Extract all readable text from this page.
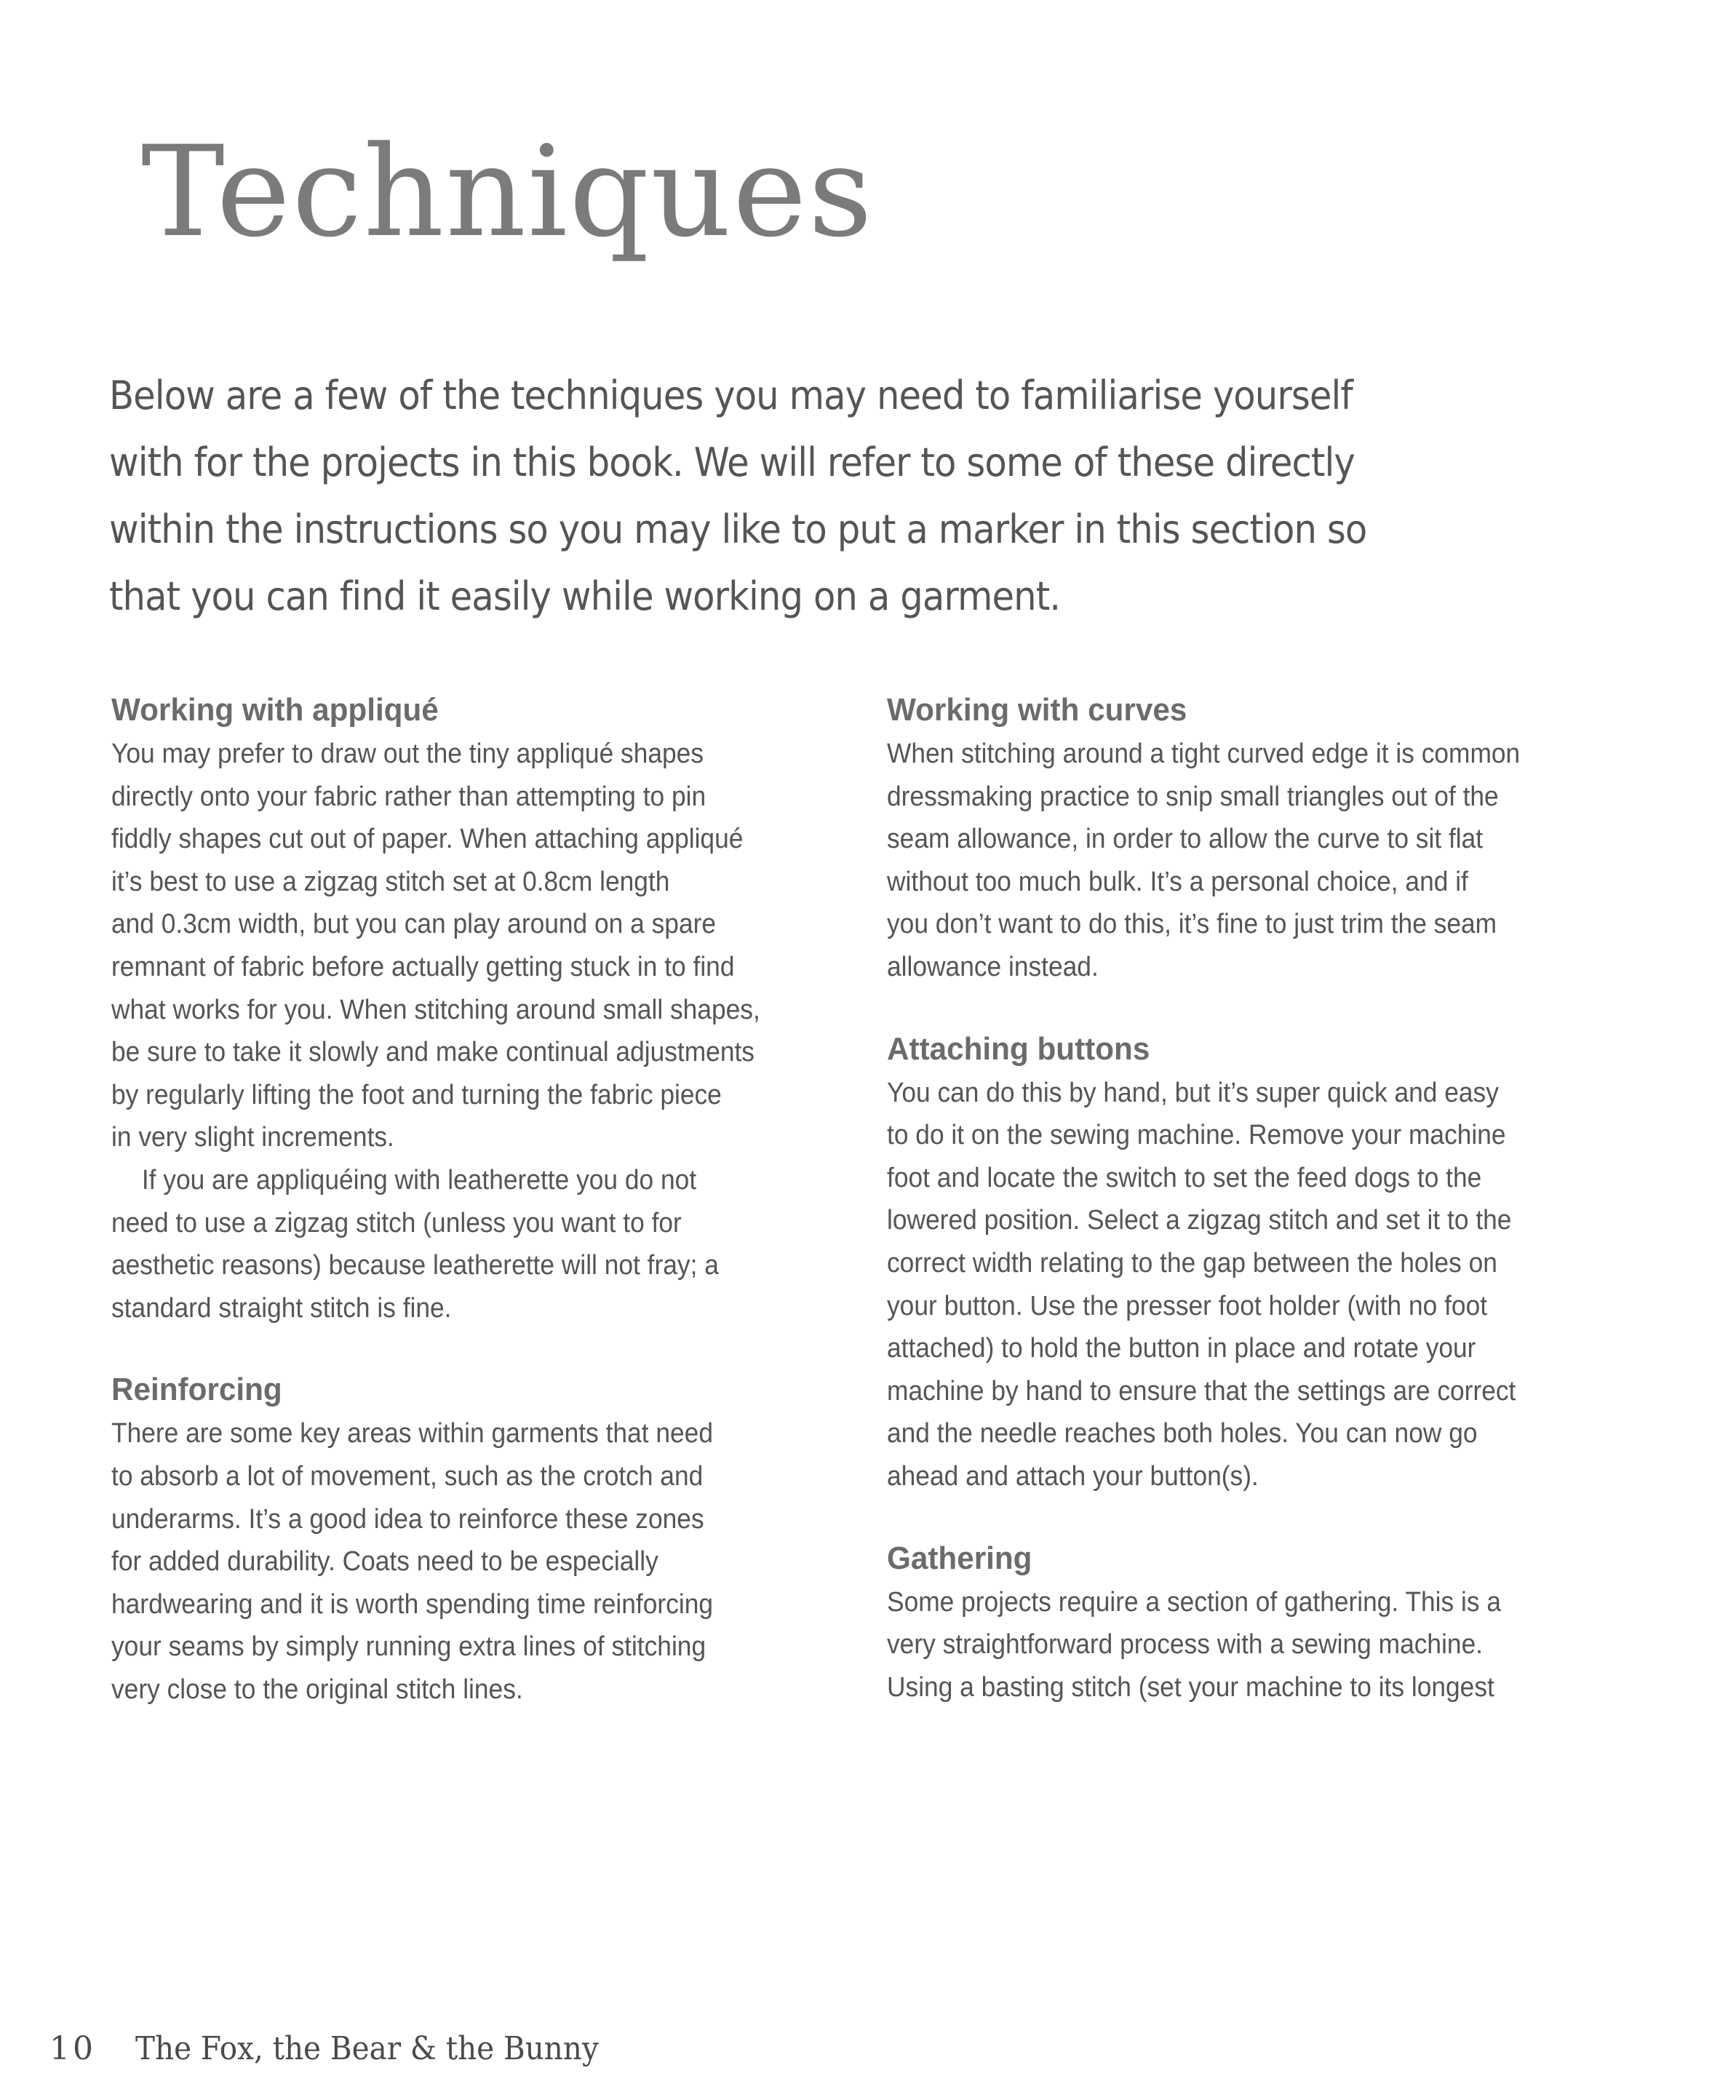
Techniques

Below are a few of the techniques you may need to familiarise yourself
with for the projects in this book. We will refer to some of these directly
within the instructions so you may like to put a marker in this section so
that you can find it easily while working on a garment.

Working with appliqué

You may prefer to draw out the tiny appliqué shapes
directly onto your fabric rather than attempting to pin
fiddly shapes cut out of paper. When attaching appliqué
it’s best to use a zigzag stitch set at 0.8cm length
and 0.3cm width, but you can play around on a spare
remnant of fabric before actually getting stuck in to find
what works for you. When stitching around small shapes,
be sure to take it slowly and make continual adjustments
by regularly lifting the foot and turning the fabric piece
in very slight increments.
If you are appliquéing with leatherette you do not
need to use a zigzag stitch (unless you want to for
aesthetic reasons) because leatherette will not fray; a
standard straight stitch is fine.

Reinforcing

There are some key areas within garments that need
to absorb a lot of movement, such as the crotch and
underarms. It’s a good idea to reinforce these zones
for added durability. Coats need to be especially
hardwearing and it is worth spending time reinforcing
your seams by simply running extra lines of stitching
very close to the original stitch lines.

Working with curves

When stitching around a tight curved edge it is common
dressmaking practice to snip small triangles out of the
seam allowance, in order to allow the curve to sit flat
without too much bulk. It’s a personal choice, and if
you don’t want to do this, it’s fine to just trim the seam
allowance instead.

Attaching buttons

You can do this by hand, but it’s super quick and easy
to do it on the sewing machine. Remove your machine
foot and locate the switch to set the feed dogs to the
lowered position. Select a zigzag stitch and set it to the
correct width relating to the gap between the holes on
your button. Use the presser foot holder (with no foot
attached) to hold the button in place and rotate your
machine by hand to ensure that the settings are correct
and the needle reaches both holes. You can now go
ahead and attach your button(s).

Gathering

Some projects require a section of gathering. This is a
very straightforward process with a sewing machine.
Using a basting stitch (set your machine to its longest

10 The Fox, the Bear & the Bunny
